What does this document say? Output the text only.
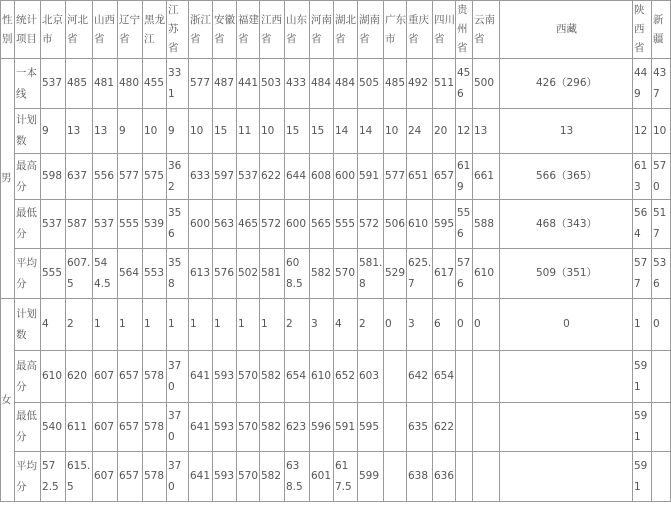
性别	统计项目	北京市	河北省	山西省	辽宁省	黑龙江	江苏省	浙江省	安徽省	福建省	江西省	山东省	河南省	湖北省	湖南省	广东市	重庆省	四川省	贵州省	云南省	西藏	陕西省	新疆
男	一本线	537	485	481	480	455	331	577	487	441	503	433	484	484	505	485	492	511	456	500	426（296）	449	437
	计划数	9	13	13	9	10	9	10	15	11	10	15	15	14	14	10	24	20	12	13	13	12	10
	最高分	598	637	556	577	575	362	633	597	537	622	644	608	600	591	577	651	657	619	661	566（365）	613	570
	最低分	537	587	537	555	539	356	600	563	465	572	600	565	555	572	506	610	595	556	588	468（343）	564	517
	平均分	555	607.5	544.5	564	553	358	613	576	502	581	608.5	582	570	581.8	529	625.7	617	576	610	509（351）	577	536
女	计划数	4	2	1	1	1	1	1	1	1	1	2	3	4	2	0	3	6	0	0	0	1	0
	最高分	610	620	607	657	578	370	641	593	570	582	654	610	652	603		642	654				591	
	最低分	540	611	607	657	578	370	641	593	570	582	623	596	591	595		635	622				591	
	平均分	572.5	615.5	607	657	578	370	641	593	570	582	638.5	601	617.5	599		638	636				591	
